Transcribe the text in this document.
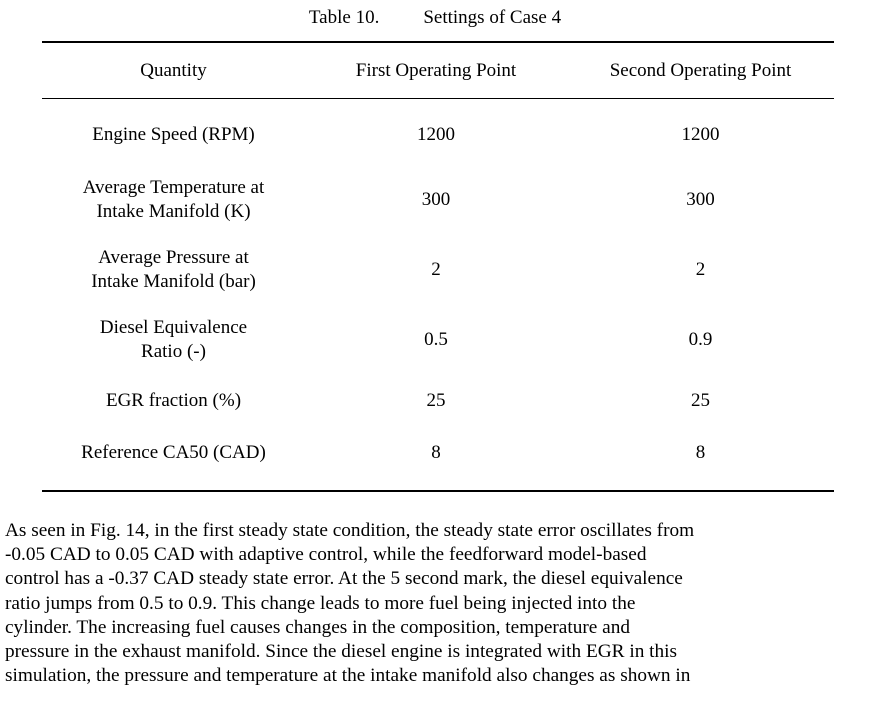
Table 10. Settings of Case 4
Quantity	First Operating Point	Second Operating Point

Engine Speed (RPM)	1200	1200

Average Temperature at
Intake Manifold (K)	300	300

Average Pressure at
Intake Manifold (bar)	2	2

Diesel Equivalence
Ratio (-)	0.5	0.9

EGR fraction (%)	25	25

Reference CA50 (CAD)	8	8
As seen in Fig. 14, in the first steady state condition, the steady state error oscillates from
-0.05 CAD to 0.05 CAD with adaptive control, while the feedforward model-based
control has a -0.37 CAD steady state error. At the 5 second mark, the diesel equivalence
ratio jumps from 0.5 to 0.9. This change leads to more fuel being injected into the
cylinder. The increasing fuel causes changes in the composition, temperature and
pressure in the exhaust manifold. Since the diesel engine is integrated with EGR in this
simulation, the pressure and temperature at the intake manifold also changes as shown in
